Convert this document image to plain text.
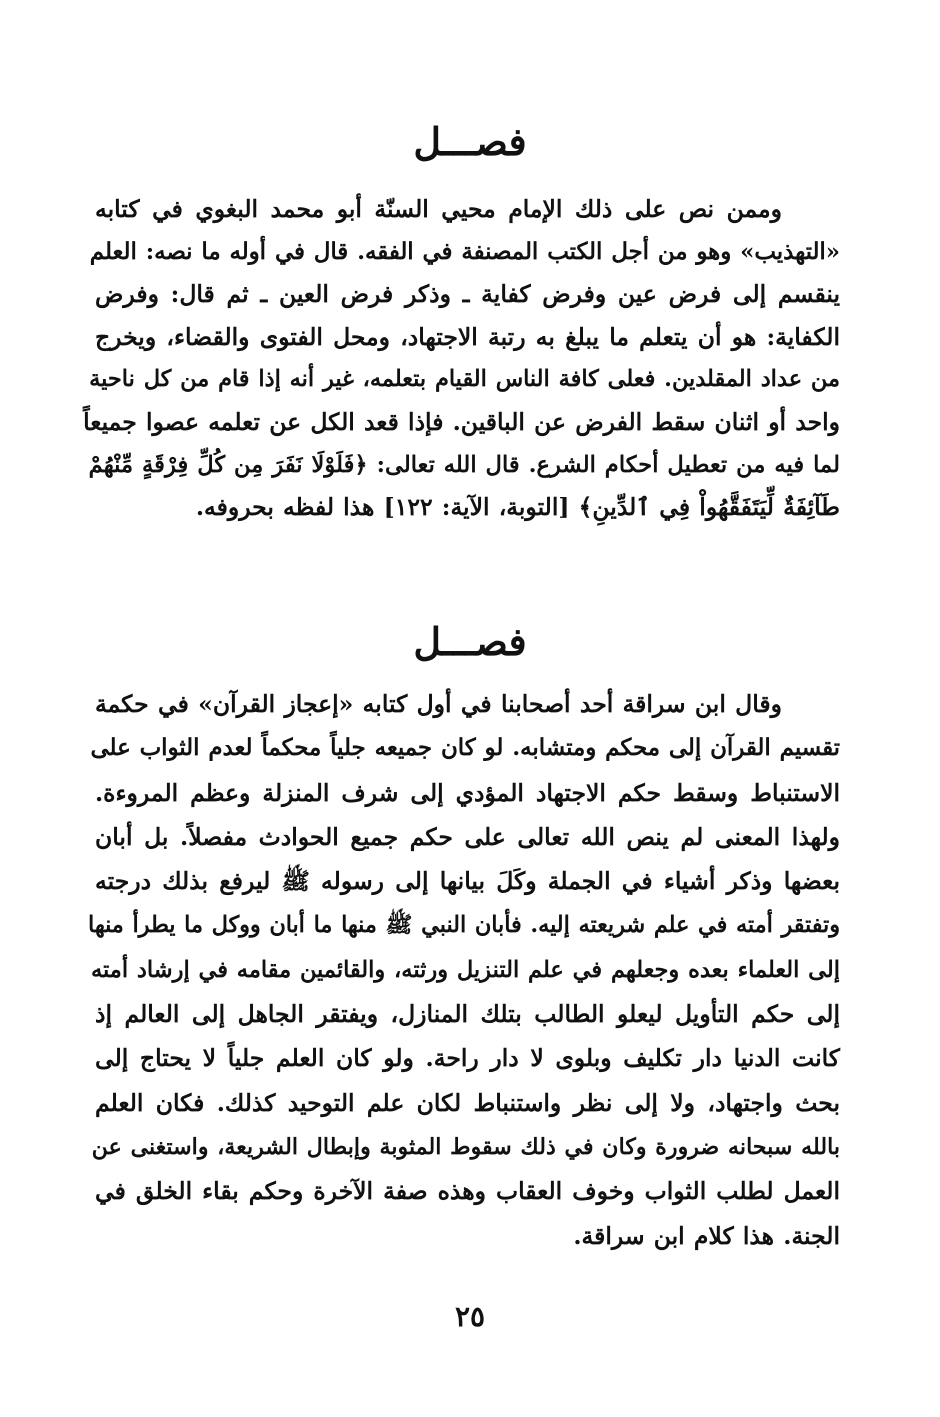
فصـــل
وممن نص على ذلك الإمام محيي السنّة أبو محمد البغوي في كتابه
«التهذيب» وهو من أجل الكتب المصنفة في الفقه. قال في أوله ما نصه: العلم
ينقسم إلى فرض عين وفرض كفاية ـ وذكر فرض العين ـ ثم قال: وفرض
الكفاية: هو أن يتعلم ما يبلغ به رتبة الاجتهاد، ومحل الفتوى والقضاء، ويخرج
من عداد المقلدين. فعلى كافة الناس القيام بتعلمه، غير أنه إذا قام من كل ناحية
واحد أو اثنان سقط الفرض عن الباقين. فإذا قعد الكل عن تعلمه عصوا جميعاً
لما فيه من تعطيل أحكام الشرع. قال الله تعالى: ﴿فَلَوْلَا نَفَرَ مِن كُلِّ فِرْقَةٍ مِّنْهُمْ
طَآئِفَةٌ لِّيَتَفَقَّهُواْ فِي ٱلدِّينِ﴾ [التوبة، الآية: ١٢٢] هذا لفظه بحروفه.
فصـــل
وقال ابن سراقة أحد أصحابنا في أول كتابه «إعجاز القرآن» في حكمة
تقسيم القرآن إلى محكم ومتشابه. لو كان جميعه جلياً محكماً لعدم الثواب على
الاستنباط وسقط حكم الاجتهاد المؤدي إلى شرف المنزلة وعظم المروءة.
ولهذا المعنى لم ينص الله تعالى على حكم جميع الحوادث مفصلاً. بل أبان
بعضها وذكر أشياء في الجملة وكَلَ بيانها إلى رسوله ﷺ ليرفع بذلك درجته
وتفتقر أمته في علم شريعته إليه. فأبان النبي ﷺ منها ما أبان ووكل ما يطرأ منها
إلى العلماء بعده وجعلهم في علم التنزيل ورثته، والقائمين مقامه في إرشاد أمته
إلى حكم التأويل ليعلو الطالب بتلك المنازل، ويفتقر الجاهل إلى العالم إذ
كانت الدنيا دار تكليف وبلوى لا دار راحة. ولو كان العلم جلياً لا يحتاج إلى
بحث واجتهاد، ولا إلى نظر واستنباط لكان علم التوحيد كذلك. فكان العلم
بالله سبحانه ضرورة وكان في ذلك سقوط المثوبة وإبطال الشريعة، واستغنى عن
العمل لطلب الثواب وخوف العقاب وهذه صفة الآخرة وحكم بقاء الخلق في
الجنة. هذا كلام ابن سراقة.
٢٥
